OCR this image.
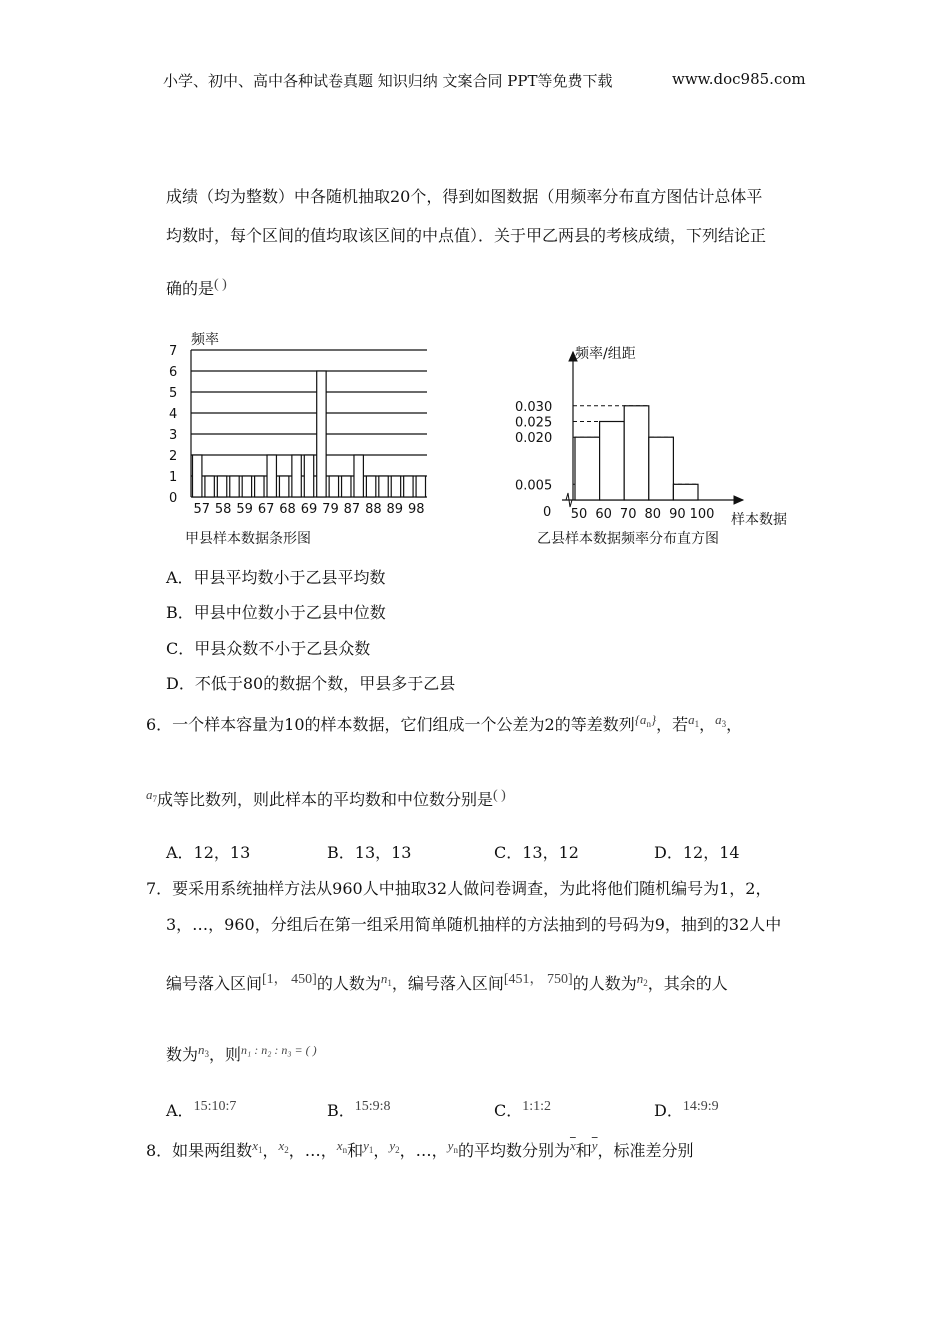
小学、初中、高中各种试卷真题 知识归纳 文案合同 PPT等免费下载	www.doc985.com
成绩（均为整数）中各随机抽取20个，得到如图数据（用频率分布直方图估计总体平
均数时，每个区间的值均取该区间的中点值）．关于甲乙两县的考核成绩，下列结论正
确的是( )
0
1
2
3
4
5
6
7
57 58 59 67 68 69 79 87 88 89 98
频率
甲县样本数据条形图
0.005
0.020
0.025
0.030
50 60 70 80 90 100
0
频率/组距
样本数据
乙县样本数据频率分布直方图
A．甲县平均数小于乙县平均数
B．甲县中位数小于乙县中位数
C．甲县众数不小于乙县众数
D．不低于80的数据个数，甲县多于乙县
6．一个样本容量为10的样本数据，它们组成一个公差为2的等差数列$^{\{a_n\}}$，若$^{a_1}$，$^{a_3}$，
$^{a_7}$成等比数列，则此样本的平均数和中位数分别是( )
A．12，13	B．13，13	C．13，12	D．12，14
7．要采用系统抽样方法从960人中抽取32人做问卷调查，为此将他们随机编号为1，2，
3，…，960，分组后在第一组采用简单随机抽样的方法抽到的号码为9，抽到的32人中
编号落入区间[1， 450]的人数为$^{n_1}$，编号落入区间[451， 750]的人数为$^{n_2}$，其余的人
数为$^{n_3}$，则$^{n_1 : n_2 : n_3 = ( )}$
A．15:10:7	B．15:9:8	C．1:1:2	D．14:9:9
8．如果两组数$^{x_1}$，$^{x_2}$，…，$^{x_n}$和$^{y_1}$，$^{y_2}$，…，$^{y_n}$的平均数分别为$^{\overline{x}}$和$^{\overline{y}}$，标准差分别
